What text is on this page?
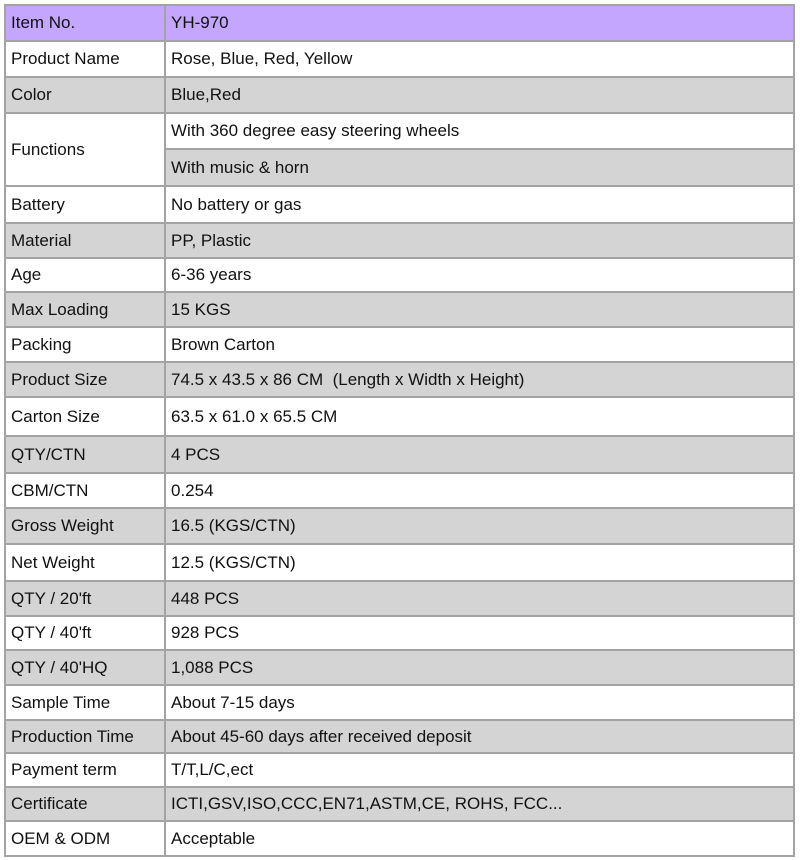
Item No.	YH-970
Product Name	Rose, Blue, Red, Yellow
Color	Blue,Red
Functions	With 360 degree easy steering wheels
	With music & horn
Battery	No battery or gas
Material	PP, Plastic
Age	6-36 years
Max Loading	15 KGS
Packing	Brown Carton
Product Size	74.5 x 43.5 x 86 CM  (Length x Width x Height)
Carton Size	63.5 x 61.0 x 65.5 CM
QTY/CTN	4 PCS
CBM/CTN	0.254
Gross Weight	16.5 (KGS/CTN)
Net Weight	12.5 (KGS/CTN)
QTY / 20'ft	448 PCS
QTY / 40'ft	928 PCS
QTY / 40'HQ	1,088 PCS
Sample Time	About 7-15 days
Production Time	About 45-60 days after received deposit
Payment term	T/T,L/C,ect
Certificate	ICTI,GSV,ISO,CCC,EN71,ASTM,CE, ROHS, FCC...
OEM & ODM	Acceptable
